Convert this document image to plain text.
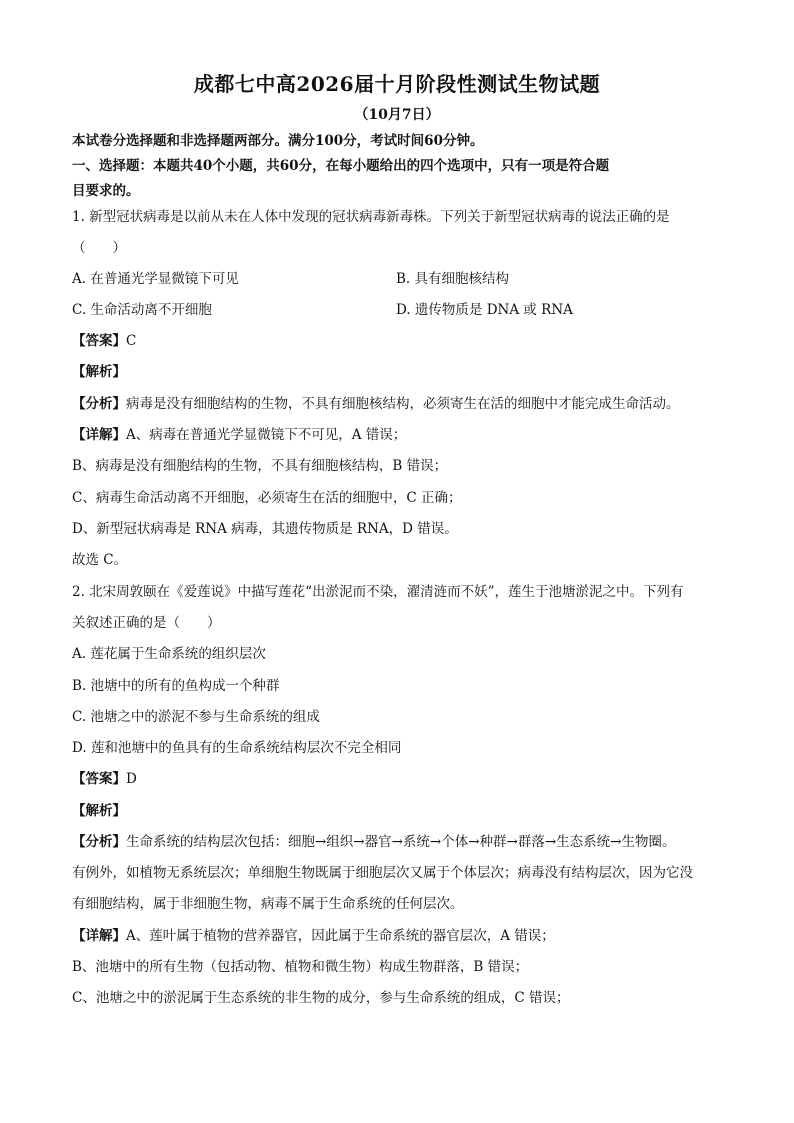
成都七中高2026届十月阶段性测试生物试题
（10月7日）
本试卷分选择题和非选择题两部分。满分100分，考试时间60分钟。
一、选择题：本题共40个小题，共60分，在每小题给出的四个选项中，只有一项是符合题
目要求的。
1. 新型冠状病毒是以前从未在人体中发现的冠状病毒新毒株。下列关于新型冠状病毒的说法正确的是
（　　）
A. 在普通光学显微镜下可见	B. 具有细胞核结构
C. 生命活动离不开细胞	D. 遗传物质是 DNA 或 RNA
【答案】C
【解析】
【分析】病毒是没有细胞结构的生物，不具有细胞核结构，必须寄生在活的细胞中才能完成生命活动。
【详解】A、病毒在普通光学显微镜下不可见，A 错误；
B、病毒是没有细胞结构的生物，不具有细胞核结构，B 错误；
C、病毒生命活动离不开细胞，必须寄生在活的细胞中，C 正确；
D、新型冠状病毒是 RNA 病毒，其遗传物质是 RNA，D 错误。
故选 C。
2. 北宋周敦颐在《爱莲说》中描写莲花“出淤泥而不染，濯清涟而不妖”，莲生于池塘淤泥之中。下列有
关叙述正确的是（　　）
A. 莲花属于生命系统的组织层次
B. 池塘中的所有的鱼构成一个种群
C. 池塘之中的淤泥不参与生命系统的组成
D. 莲和池塘中的鱼具有的生命系统结构层次不完全相同
【答案】D
【解析】
【分析】生命系统的结构层次包括：细胞→组织→器官→系统→个体→种群→群落→生态系统→生物圈。
有例外，如植物无系统层次；单细胞生物既属于细胞层次又属于个体层次；病毒没有结构层次，因为它没
有细胞结构，属于非细胞生物，病毒不属于生命系统的任何层次。
【详解】A、莲叶属于植物的营养器官，因此属于生命系统的器官层次，A 错误；
B、池塘中的所有生物（包括动物、植物和微生物）构成生物群落，B 错误；
C、池塘之中的淤泥属于生态系统的非生物的成分，参与生命系统的组成，C 错误；
